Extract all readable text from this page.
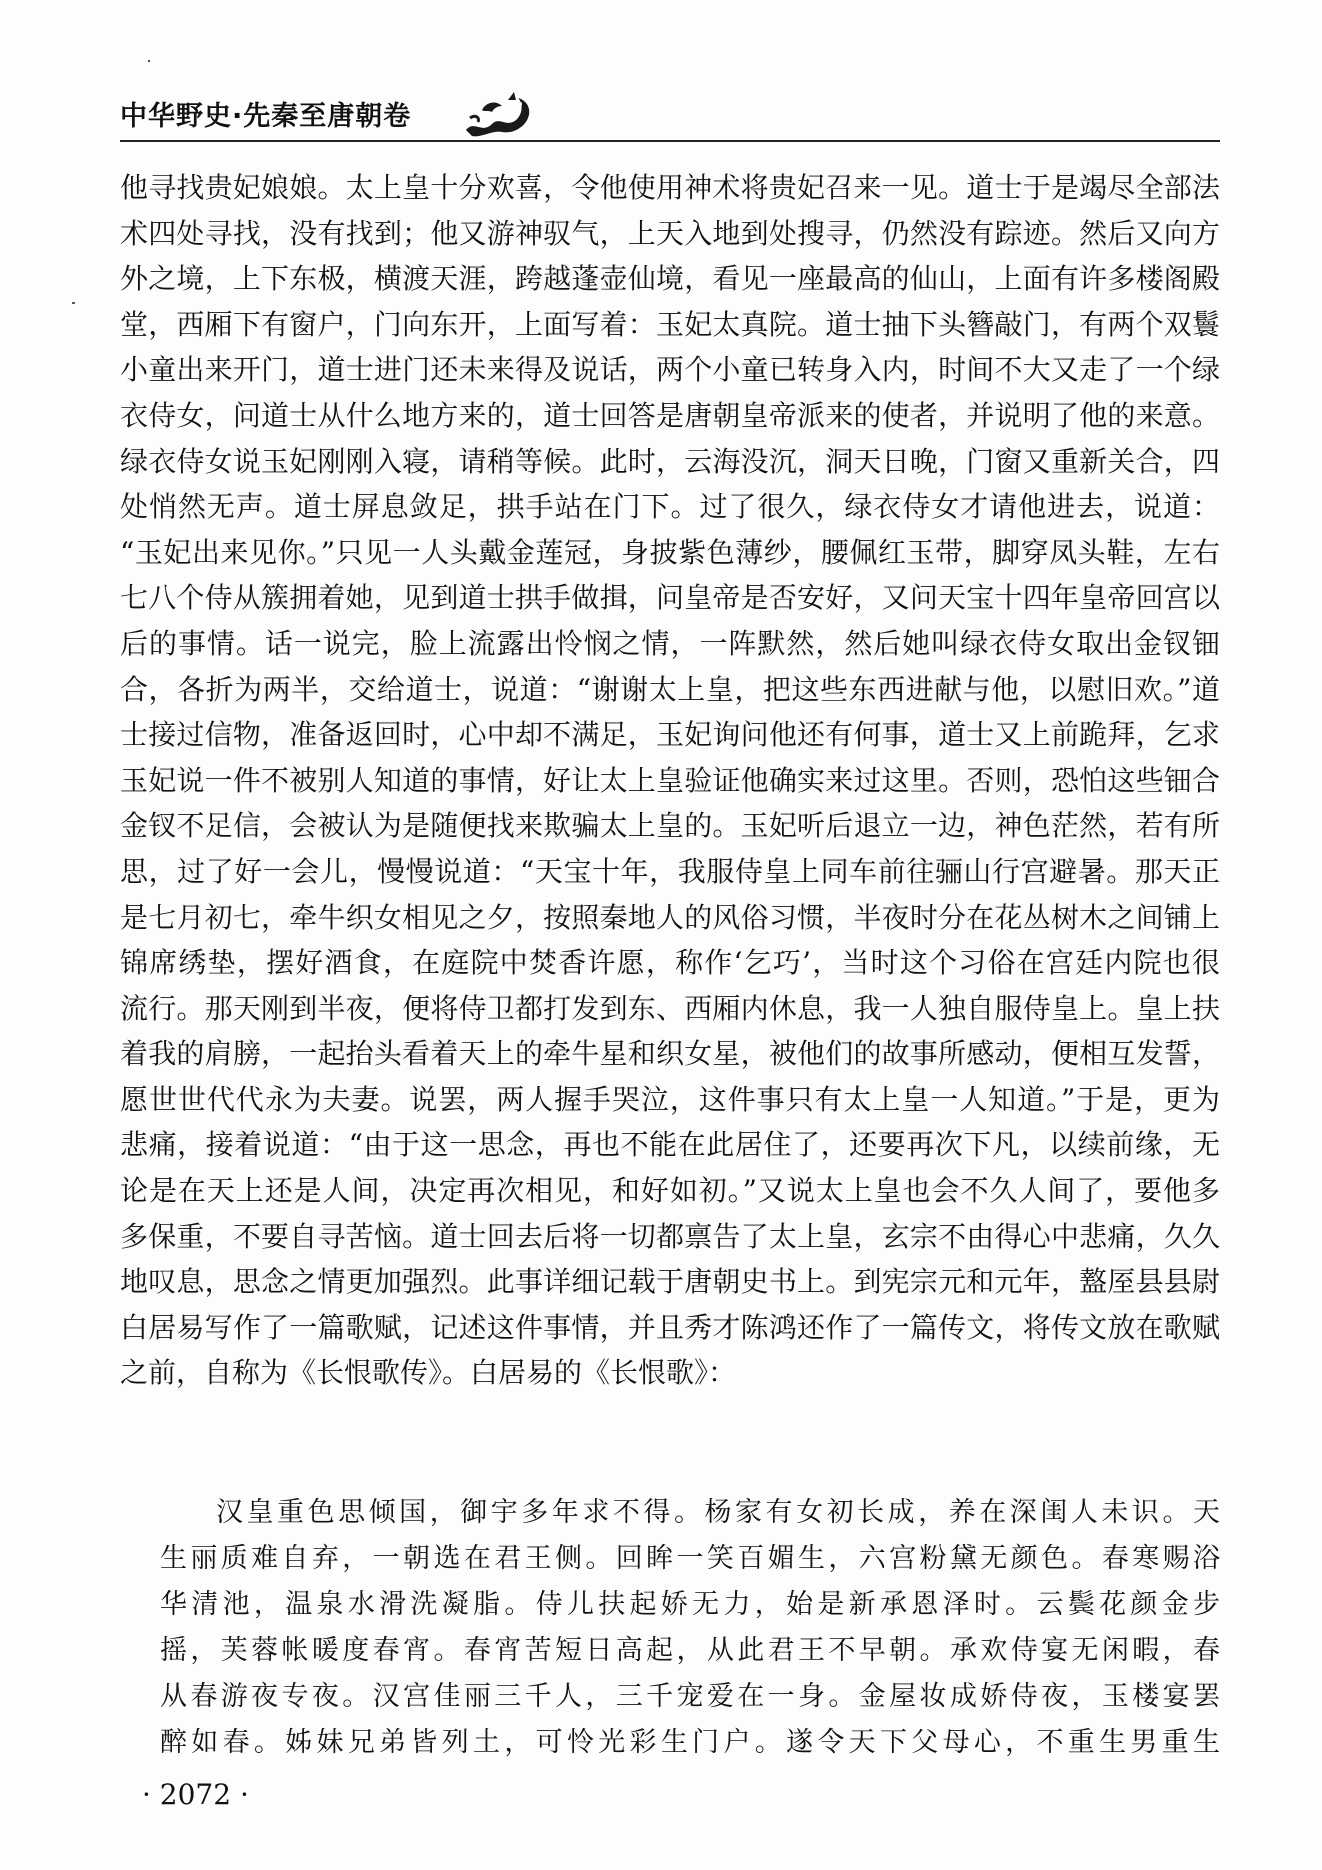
中华野史·先秦至唐朝卷
他寻找贵妃娘娘。太上皇十分欢喜，令他使用神术将贵妃召来一见。道士于是竭尽全部法
术四处寻找，没有找到；他又游神驭气，上天入地到处搜寻，仍然没有踪迹。然后又向方
外之境，上下东极，横渡天涯，跨越蓬壶仙境，看见一座最高的仙山，上面有许多楼阁殿
堂，西厢下有窗户，门向东开，上面写着：玉妃太真院。道士抽下头簪敲门，有两个双鬟
小童出来开门，道士进门还未来得及说话，两个小童已转身入内，时间不大又走了一个绿
衣侍女，问道士从什么地方来的，道士回答是唐朝皇帝派来的使者，并说明了他的来意。
绿衣侍女说玉妃刚刚入寝，请稍等候。此时，云海没沉，洞天日晚，门窗又重新关合，四
处悄然无声。道士屏息敛足，拱手站在门下。过了很久，绿衣侍女才请他进去，说道：
“玉妃出来见你。”只见一人头戴金莲冠，身披紫色薄纱，腰佩红玉带，脚穿凤头鞋，左右
七八个侍从簇拥着她，见到道士拱手做揖，问皇帝是否安好，又问天宝十四年皇帝回宫以
后的事情。话一说完，脸上流露出怜悯之情，一阵默然，然后她叫绿衣侍女取出金钗钿
合，各折为两半，交给道士，说道：“谢谢太上皇，把这些东西进献与他，以慰旧欢。”道
士接过信物，准备返回时，心中却不满足，玉妃询问他还有何事，道士又上前跪拜，乞求
玉妃说一件不被别人知道的事情，好让太上皇验证他确实来过这里。否则，恐怕这些钿合
金钗不足信，会被认为是随便找来欺骗太上皇的。玉妃听后退立一边，神色茫然，若有所
思，过了好一会儿，慢慢说道：“天宝十年，我服侍皇上同车前往骊山行宫避暑。那天正
是七月初七，牵牛织女相见之夕，按照秦地人的风俗习惯，半夜时分在花丛树木之间铺上
锦席绣垫，摆好酒食，在庭院中焚香许愿，称作‘乞巧’，当时这个习俗在宫廷内院也很
流行。那天刚到半夜，便将侍卫都打发到东、西厢内休息，我一人独自服侍皇上。皇上扶
着我的肩膀，一起抬头看着天上的牵牛星和织女星，被他们的故事所感动，便相互发誓，
愿世世代代永为夫妻。说罢，两人握手哭泣，这件事只有太上皇一人知道。”于是，更为
悲痛，接着说道：“由于这一思念，再也不能在此居住了，还要再次下凡，以续前缘，无
论是在天上还是人间，决定再次相见，和好如初。”又说太上皇也会不久人间了，要他多
多保重，不要自寻苦恼。道士回去后将一切都禀告了太上皇，玄宗不由得心中悲痛，久久
地叹息，思念之情更加强烈。此事详细记载于唐朝史书上。到宪宗元和元年，盩厔县县尉
白居易写作了一篇歌赋，记述这件事情，并且秀才陈鸿还作了一篇传文，将传文放在歌赋
之前，自称为《长恨歌传》。白居易的《长恨歌》：
汉皇重色思倾国，御宇多年求不得。杨家有女初长成，养在深闺人未识。天
生丽质难自弃，一朝选在君王侧。回眸一笑百媚生，六宫粉黛无颜色。春寒赐浴
华清池，温泉水滑洗凝脂。侍儿扶起娇无力，始是新承恩泽时。云鬓花颜金步
摇，芙蓉帐暖度春宵。春宵苦短日高起，从此君王不早朝。承欢侍宴无闲暇，春
从春游夜专夜。汉宫佳丽三千人，三千宠爱在一身。金屋妆成娇侍夜，玉楼宴罢
醉如春。姊妹兄弟皆列土，可怜光彩生门户。遂令天下父母心，不重生男重生
· 2072 ·
